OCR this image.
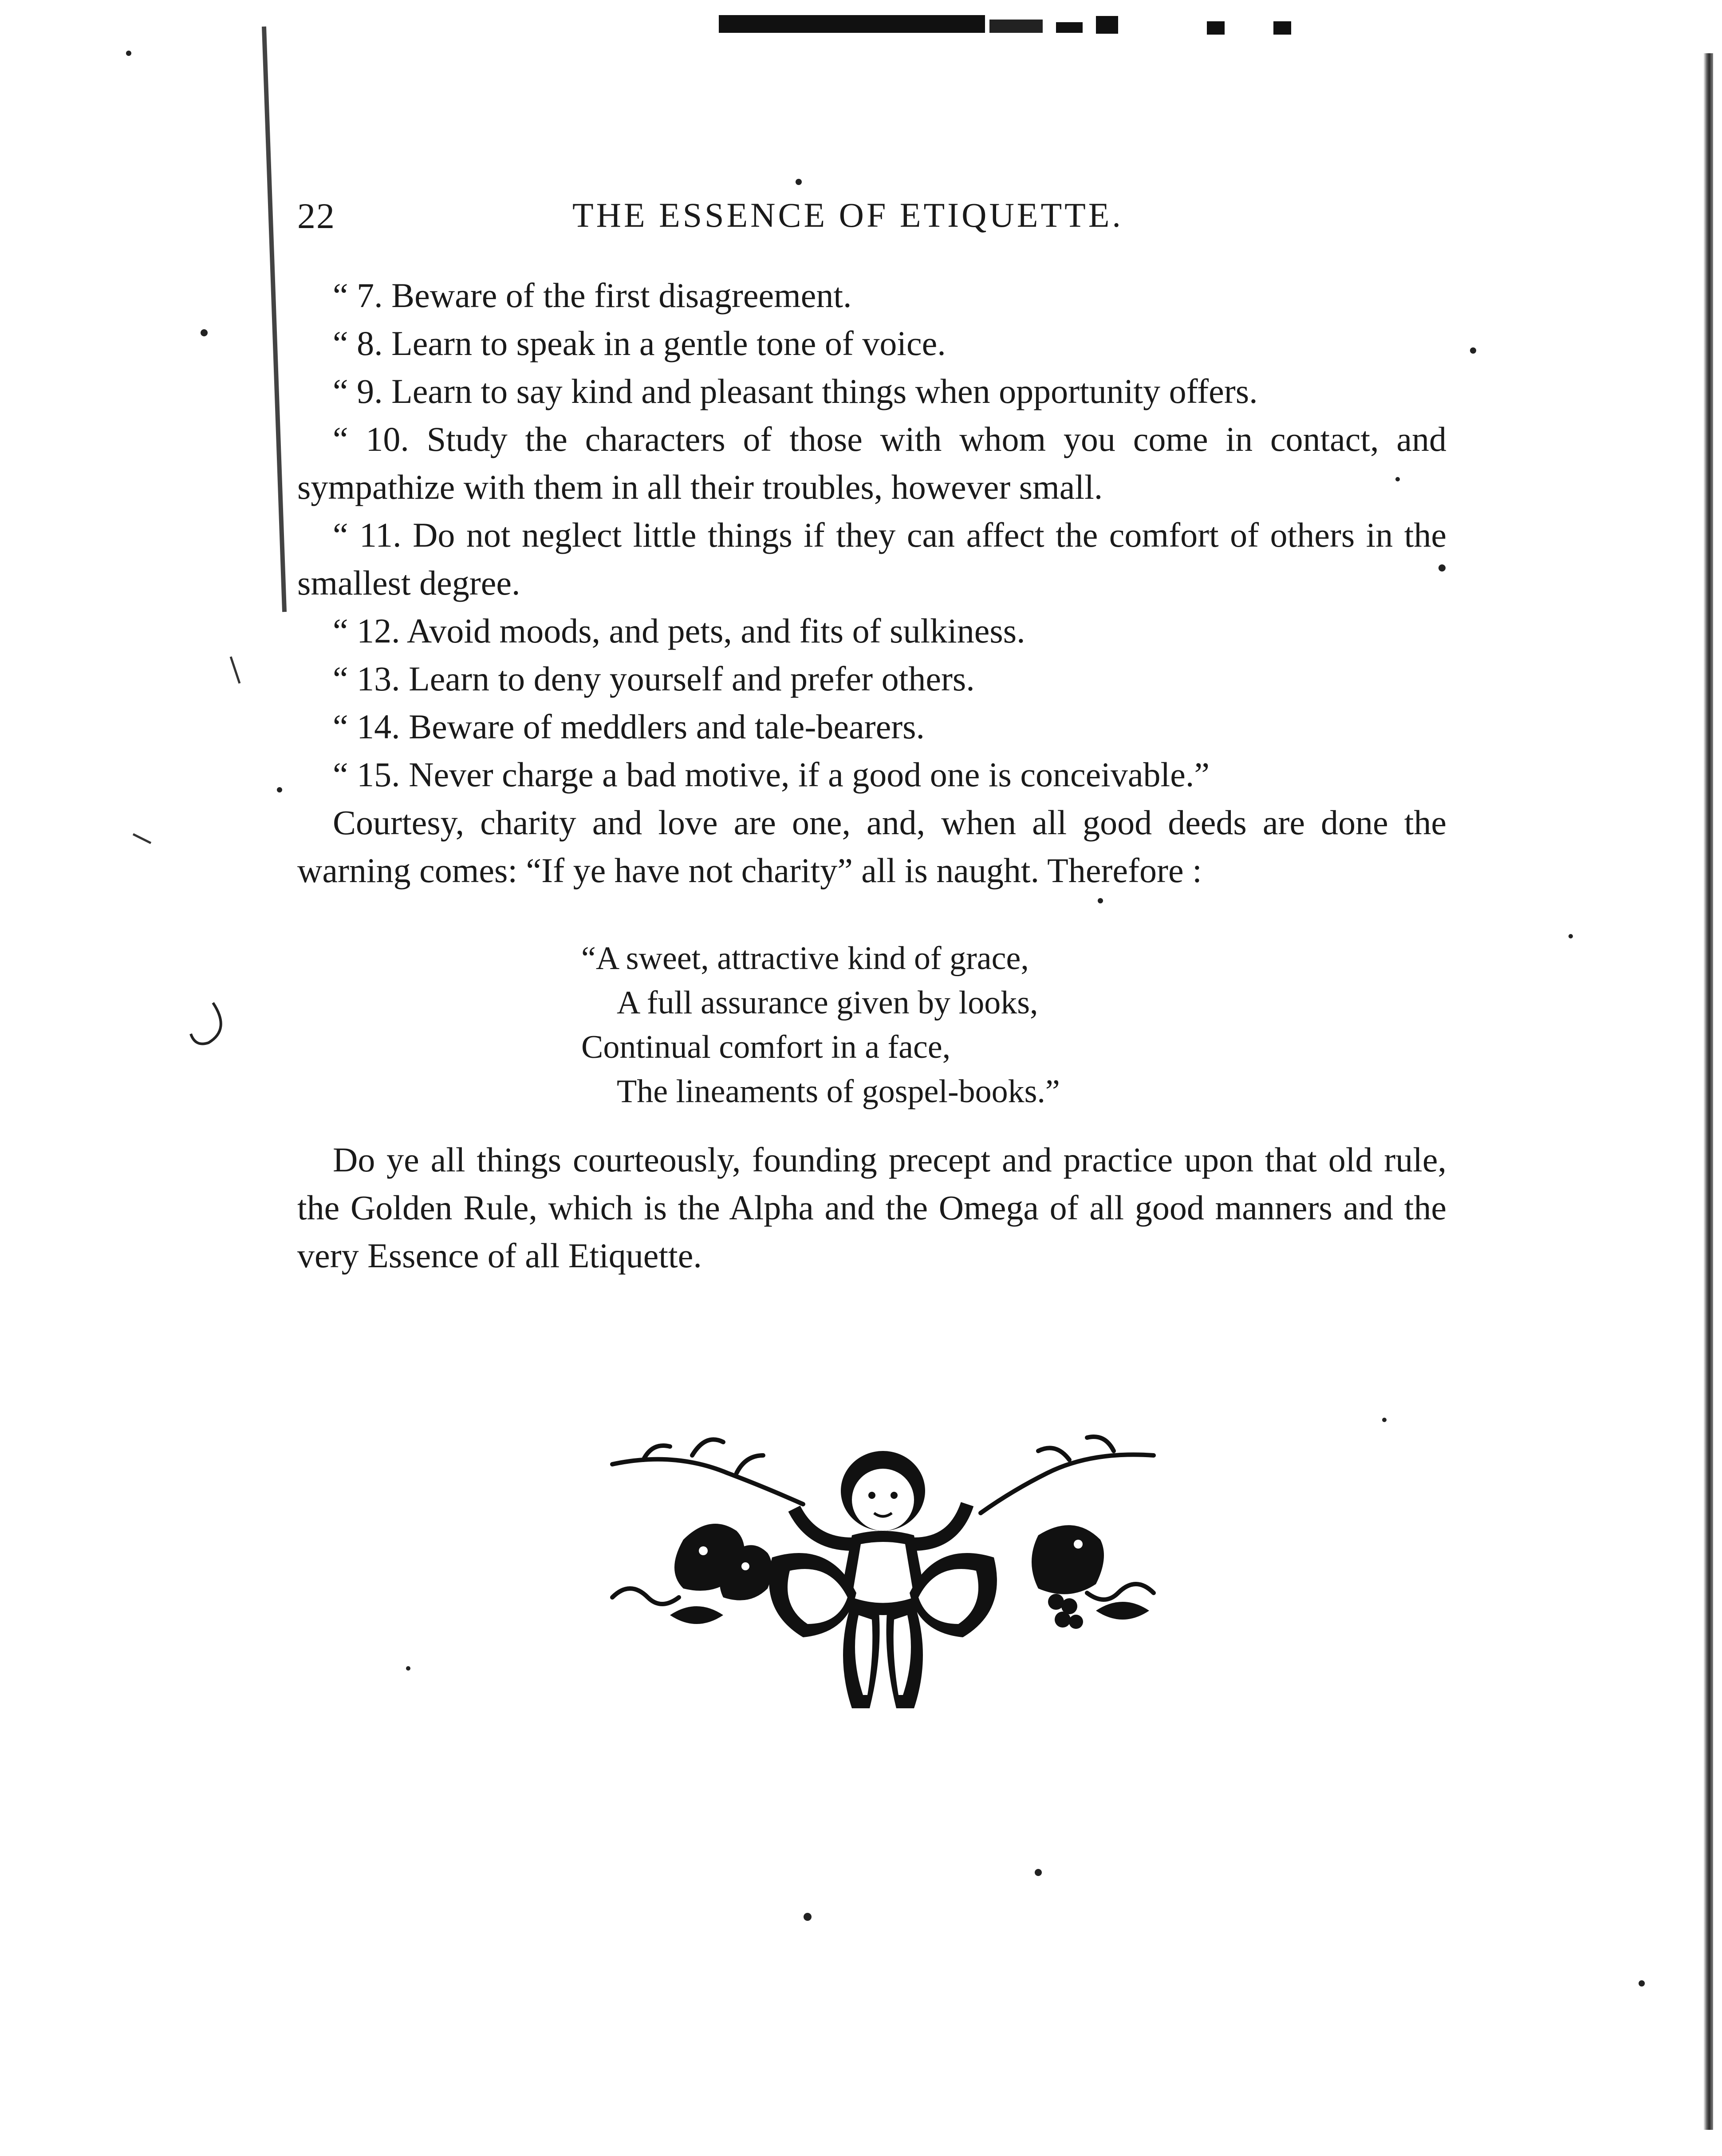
22	THE ESSENCE OF ETIQUETTE.

“ 7. Beware of the first disagreement.

“ 8. Learn to speak in a gentle tone of voice.

“ 9. Learn to say kind and pleasant things when opportunity offers.

“ 10. Study the characters of those with whom you come in contact, and sympathize with them in all their troubles, however small.

“ 11. Do not neglect little things if they can affect the comfort of others in the smallest degree.

“ 12. Avoid moods, and pets, and fits of sulkiness.

“ 13. Learn to deny yourself and prefer others.

“ 14. Beware of meddlers and tale-bearers.

“ 15. Never charge a bad motive, if a good one is conceivable.”

Courtesy, charity and love are one, and, when all good deeds are done the warning comes: “If ye have not charity” all is naught. Therefore :

“A sweet, attractive kind of grace,
A full assurance given by looks,
Continual comfort in a face,
The lineaments of gospel-books.”

Do ye all things courteously, founding precept and practice upon that old rule, the Golden Rule, which is the Alpha and the Omega of all good manners and the very Essence of all Etiquette.
